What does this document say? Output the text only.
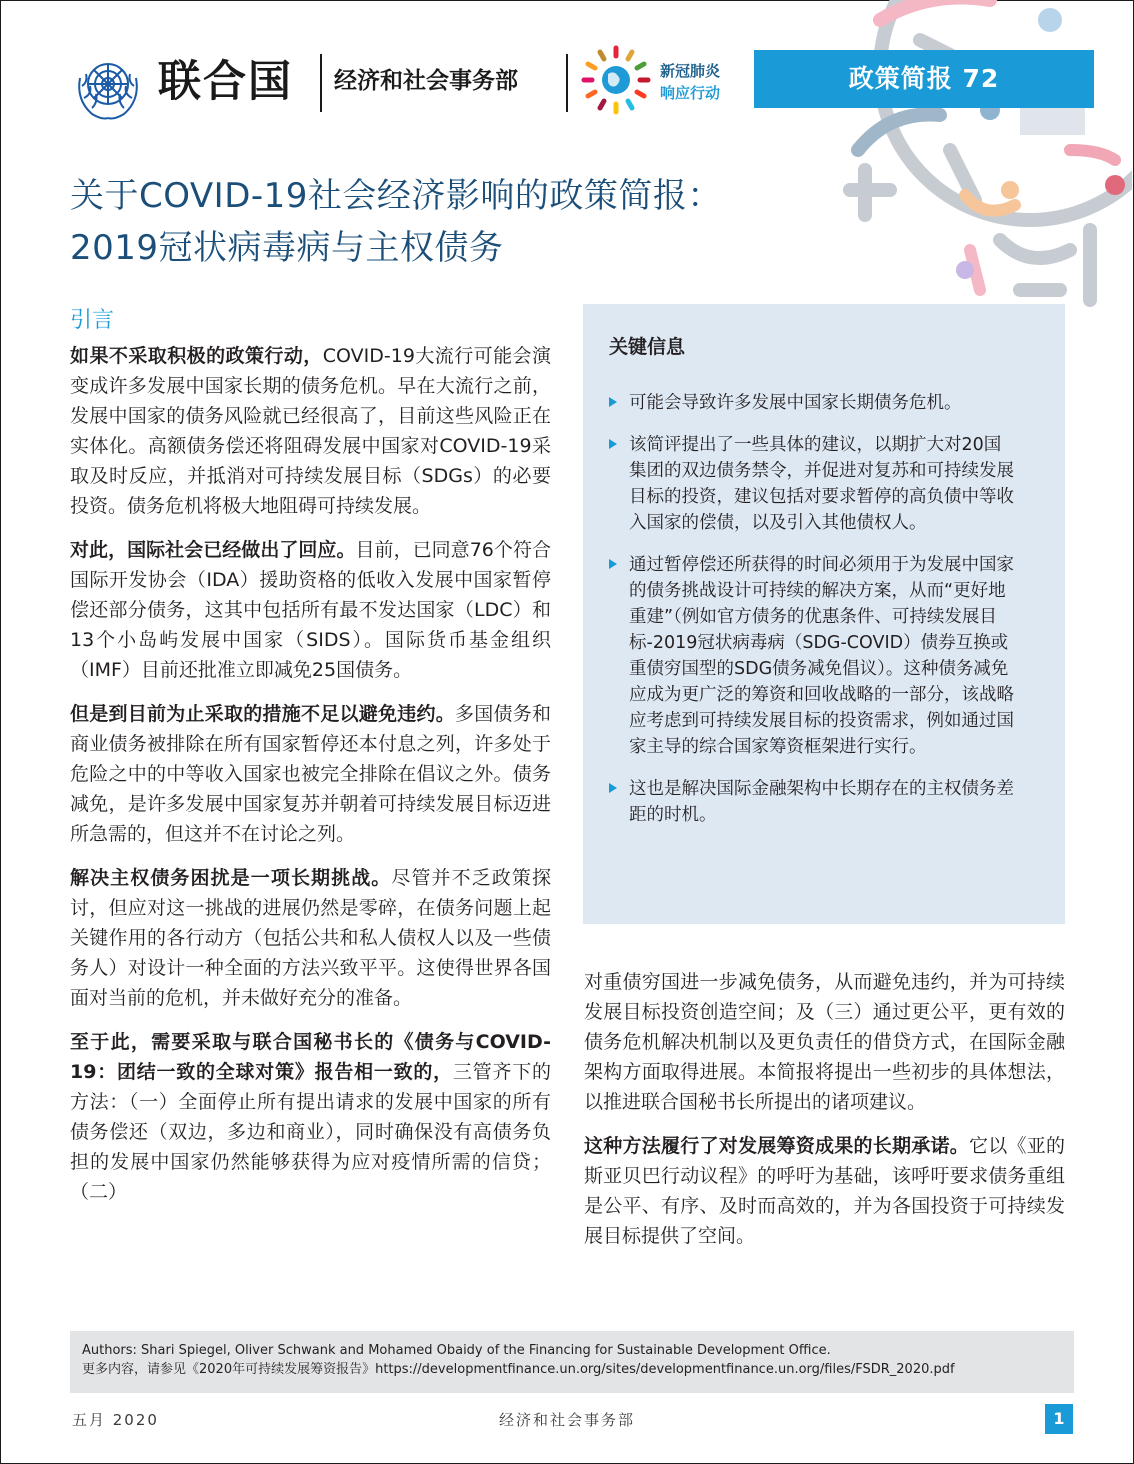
联合国 经济和社会事务部	新冠肺炎
响应行动	政策简报 72
关于COVID-19社会经济影响的政策简报：
2019冠状病毒病与主权债务
引言

如果不采取积极的政策行动，COVID-19大流行可能会演变成许多发展中国家长期的债务危机。早在大流行之前，发展中国家的债务风险就已经很高了，目前这些风险正在实体化。高额债务偿还将阻碍发展中国家对COVID-19采取及时反应，并抵消对可持续发展目标（SDGs）的必要投资。债务危机将极大地阻碍可持续发展。

对此，国际社会已经做出了回应。目前，已同意76个符合国际开发协会（IDA）援助资格的低收入发展中国家暂停偿还部分债务，这其中包括所有最不发达国家（LDC）和13个小岛屿发展中国家（SIDS）。国际货币基金组织（IMF）目前还批准立即减免25国债务。

但是到目前为止采取的措施不足以避免违约。多国债务和商业债务被排除在所有国家暂停还本付息之列，许多处于危险之中的中等收入国家也被完全排除在倡议之外。债务减免，是许多发展中国家复苏并朝着可持续发展目标迈进所急需的，但这并不在讨论之列。

解决主权债务困扰是一项长期挑战。尽管并不乏政策探讨，但应对这一挑战的进展仍然是零碎，在债务问题上起关键作用的各行动方（包括公共和私人债权人以及一些债务人）对设计一种全面的方法兴致平平。这使得世界各国面对当前的危机，并未做好充分的准备。

至于此，需要采取与联合国秘书长的《债务与COVID-19：团结一致的全球对策》报告相一致的，三管齐下的方法：（一）全面停止所有提出请求的发展中国家的所有债务偿还（双边，多边和商业），同时确保没有高债务负担的发展中国家仍然能够获得为应对疫情所需的信贷；（二）

关键信息
可能会导致许多发展中国家长期债务危机。
该简评提出了一些具体的建议，以期扩大对20国集团的双边债务禁令，并促进对复苏和可持续发展目标的投资，建议包括对要求暂停的高负债中等收入国家的偿债，以及引入其他债权人。
通过暂停偿还所获得的时间必须用于为发展中国家的债务挑战设计可持续的解决方案，从而“更好地重建”（例如官方债务的优惠条件、可持续发展目标-2019冠状病毒病（SDG-COVID）债券互换或重债穷国型的SDG债务减免倡议）。这种债务减免应成为更广泛的筹资和回收战略的一部分，该战略应考虑到可持续发展目标的投资需求，例如通过国家主导的综合国家筹资框架进行实行。
这也是解决国际金融架构中长期存在的主权债务差距的时机。

对重债穷国进一步减免债务，从而避免违约，并为可持续发展目标投资创造空间；及（三）通过更公平，更有效的债务危机解决机制以及更负责任的借贷方式，在国际金融架构方面取得进展。本简报将提出一些初步的具体想法，以推进联合国秘书长所提出的诸项建议。

这种方法履行了对发展筹资成果的长期承诺。它以《亚的斯亚贝巴行动议程》的呼吁为基础，该呼吁要求债务重组是公平、有序、及时而高效的，并为各国投资于可持续发展目标提供了空间。

Authors: Shari Spiegel, Oliver Schwank and Mohamed Obaidy of the Financing for Sustainable Development Office.
更多内容，请参见《2020年可持续发展筹资报告》https://developmentfinance.un.org/sites/developmentfinance.un.org/files/FSDR_2020.pdf
五月 2020	经济和社会事务部	1
